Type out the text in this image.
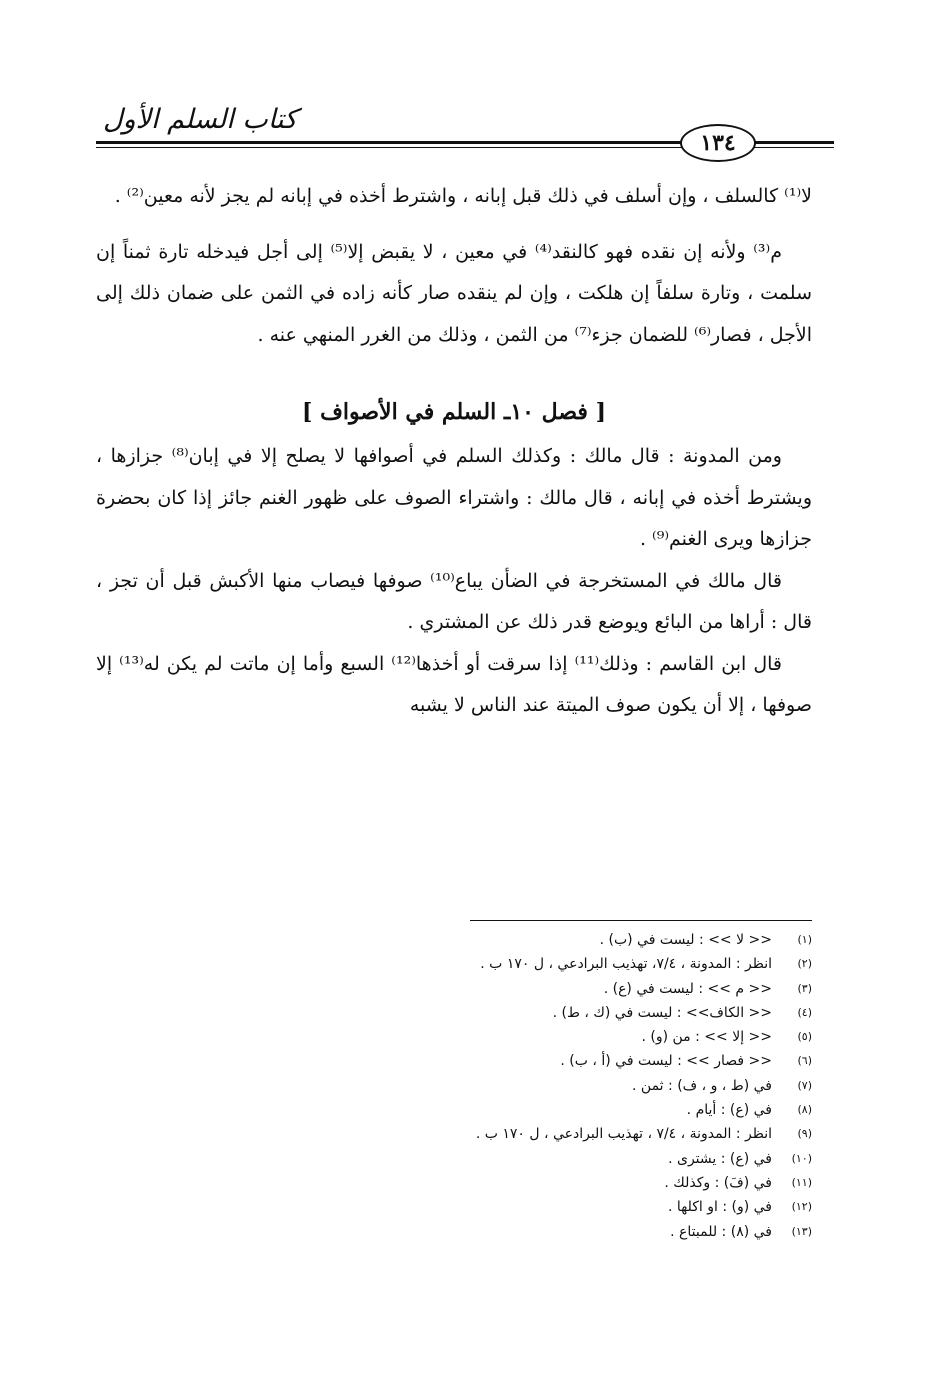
كتاب السلم الأول
١٣٤

لا⁽¹⁾ كالسلف ، وإن أسلف في ذلك قبل إبانه ، واشترط أخذه في إبانه لم يجز لأنه معين⁽²⁾ .

م⁽³⁾ ولأنه إن نقده فهو كالنقد⁽⁴⁾ في معين ، لا يقبض إلا⁽⁵⁾ إلى أجل فيدخله تارة ثمناً إن سلمت ، وتارة سلفاً إن هلكت ، وإن لم ينقده صار كأنه زاده في الثمن على ضمان ذلك إلى الأجل ، فصار⁽⁶⁾ للضمان جزء⁽⁷⁾ من الثمن ، وذلك من الغرر المنهي عنه .

[ فصل ١٠ـ السلم في الأصواف ]

ومن المدونة : قال مالك : وكذلك السلم في أصوافها لا يصلح إلا في إبان⁽⁸⁾ جزازها ، ويشترط أخذه في إبانه ، قال مالك : واشتراء الصوف على ظهور الغنم جائز إذا كان بحضرة جزازها ويرى الغنم⁽⁹⁾ .

قال مالك في المستخرجة في الضأن يباع⁽¹⁰⁾ صوفها فيصاب منها الأكبش قبل أن تجز ، قال : أراها من البائع ويوضع قدر ذلك عن المشتري .

قال ابن القاسم : وذلك⁽¹¹⁾ إذا سرقت أو أخذها⁽¹²⁾ السبع وأما إن ماتت لم يكن له⁽¹³⁾ إلا صوفها ، إلا أن يكون صوف الميتة عند الناس لا يشبه

(١)
<< لا >> : ليست في (ب) .
(٢)
انظر : المدونة ، ٧/٤، تهذيب البرادعي ، ل ١٧٠ ب .
(٣)
<< م >> : ليست في (ع) .
(٤)
<< الكاف>> : ليست في (ك ، ط) .
(٥)
<< إلا >> : من (و) .
(٦)
<< فصار >> : ليست في (أ ، ب) .
(٧)
في (ط ، و ، ف) : ثمن .
(٨)
في (ع) : أيام .
(٩)
انظر : المدونة ، ٧/٤ ، تهذيب البرادعي ، ل ١٧٠ ب .
(١٠)
في (ع) : يشترى .
(١١)
في (فَ) : وكذلك .
(١٢)
في (و) : او اكلها .
(١٣)
في (٨) : للمبتاع .
